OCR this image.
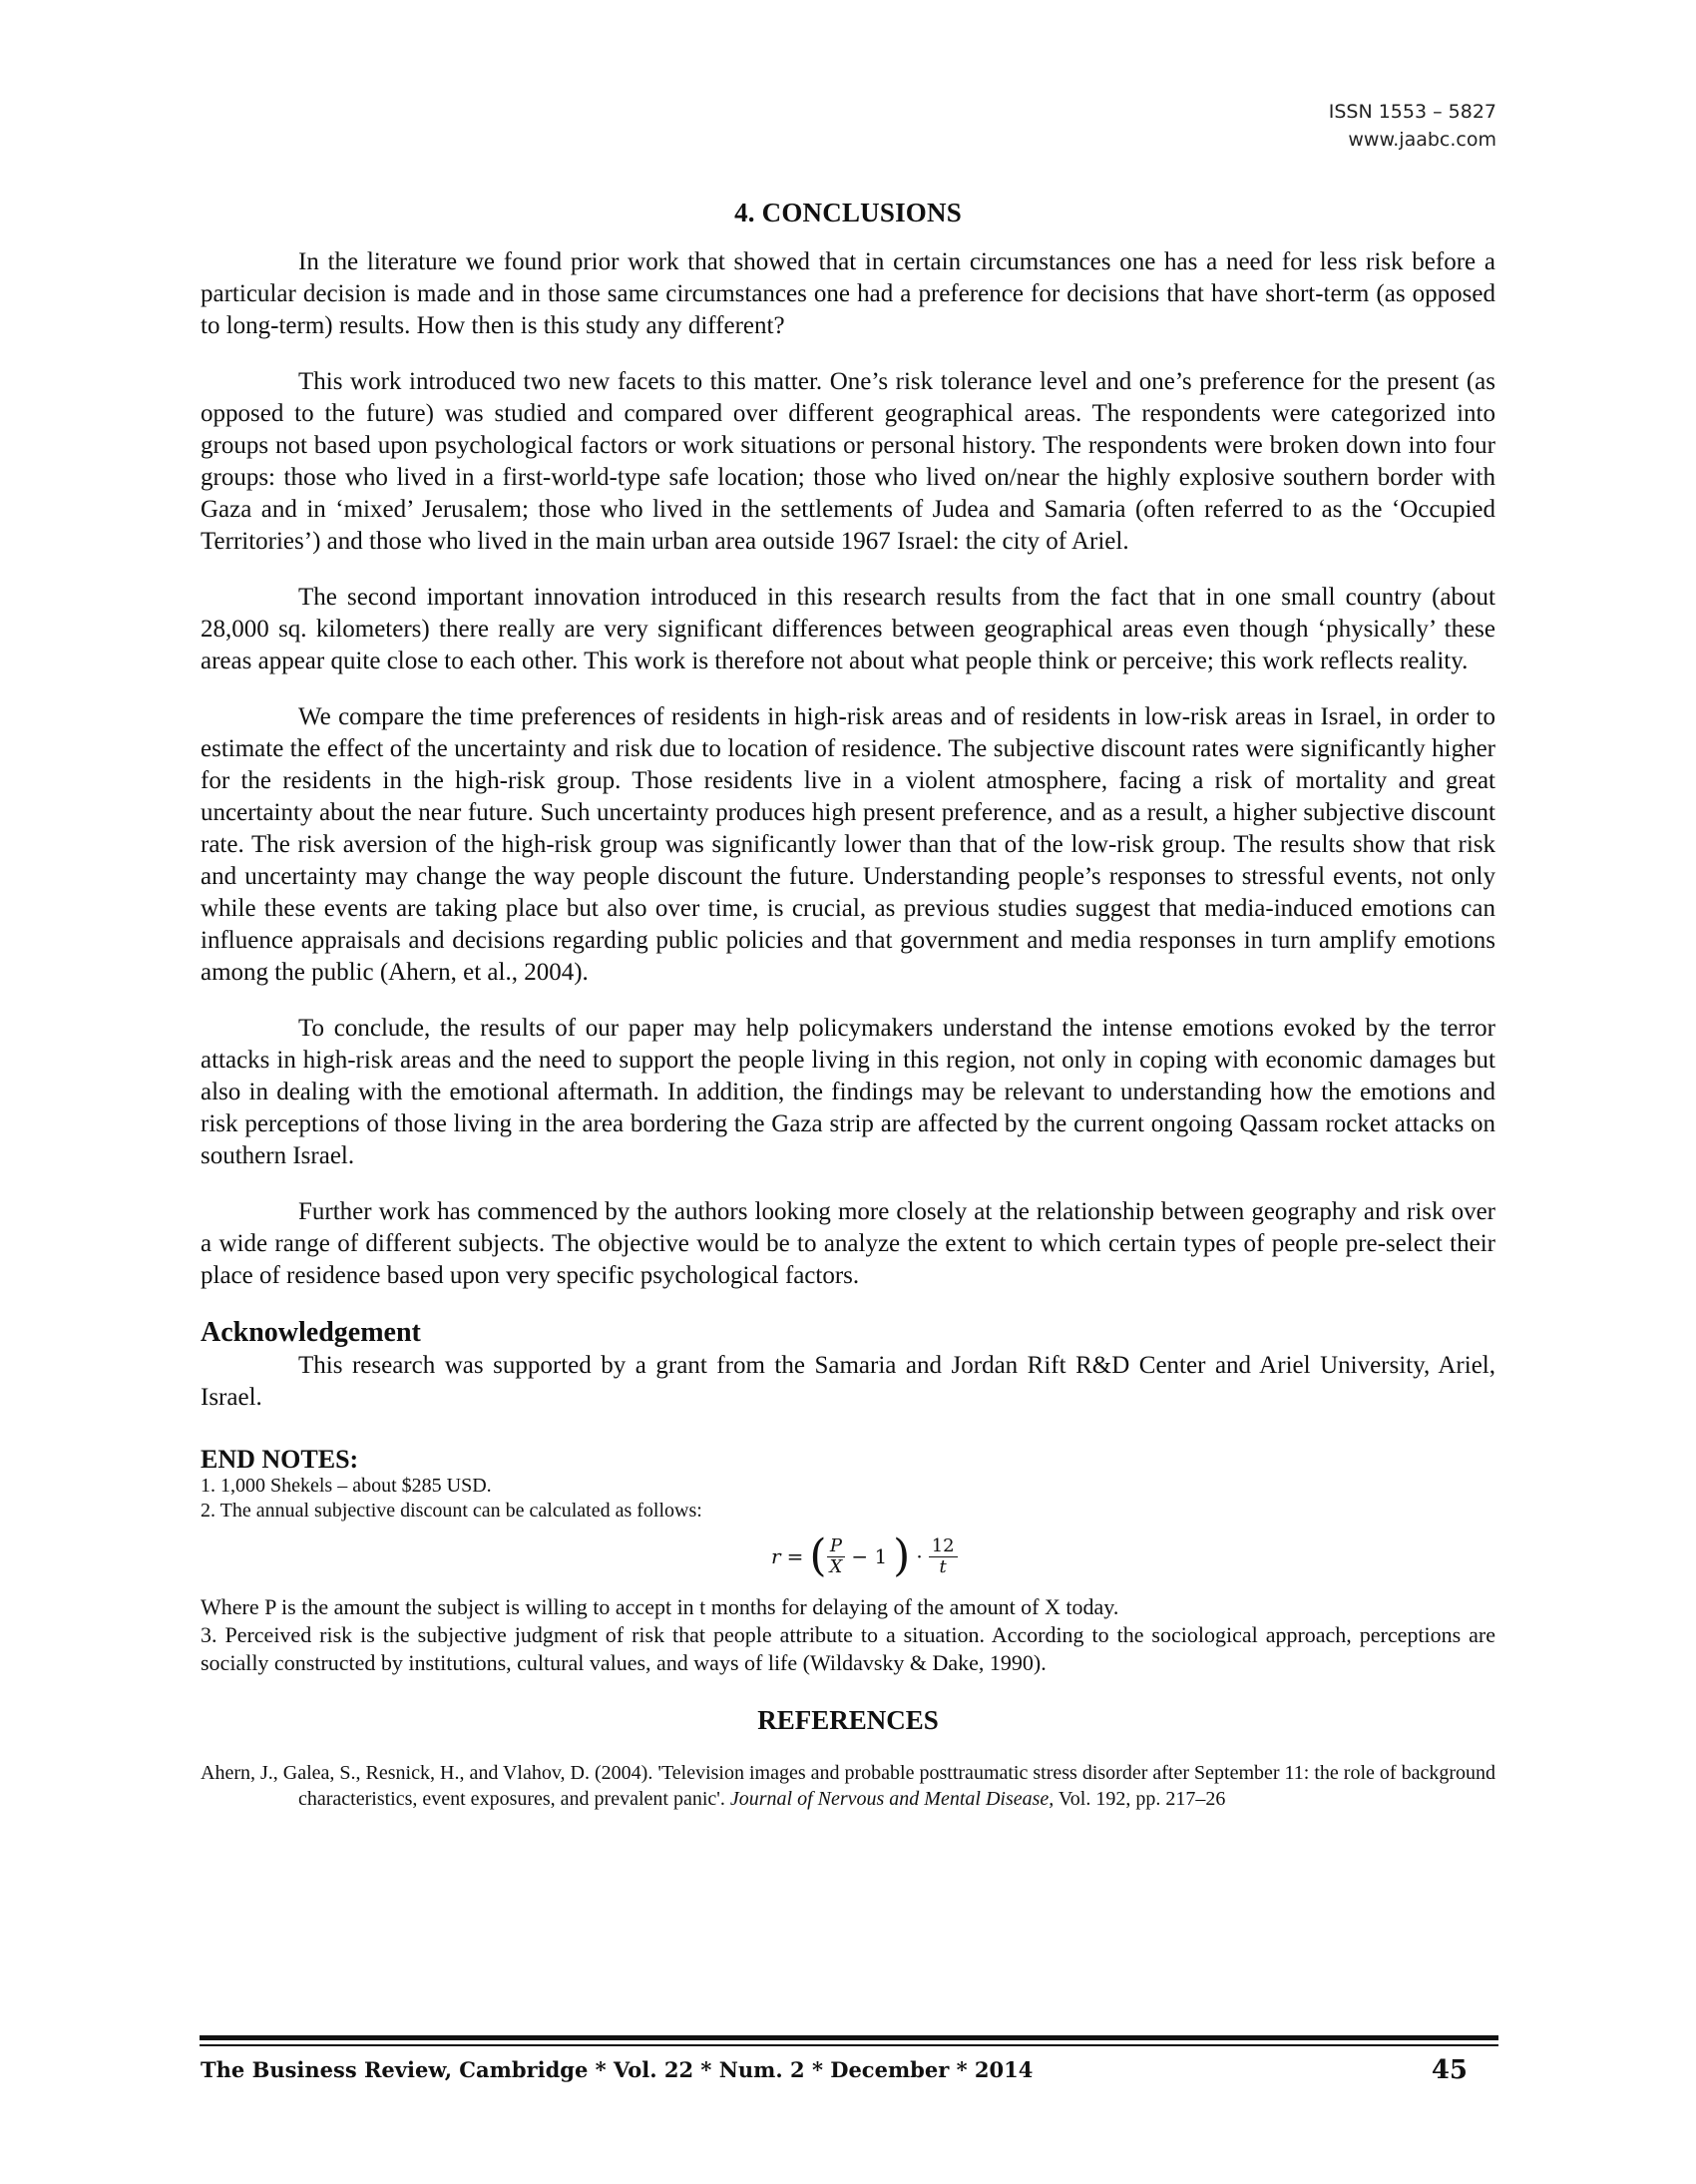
ISSN 1553 – 5827
www.jaabc.com
4. CONCLUSIONS

In the literature we found prior work that showed that in certain circumstances one has a need for less risk before a particular decision is made and in those same circumstances one had a preference for decisions that have short-term (as opposed to long-term) results. How then is this study any different?

This work introduced two new facets to this matter. One’s risk tolerance level and one’s preference for the present (as opposed to the future) was studied and compared over different geographical areas. The respondents were categorized into groups not based upon psychological factors or work situations or personal history. The respondents were broken down into four groups: those who lived in a first-world-type safe location; those who lived on/near the highly explosive southern border with Gaza and in ‘mixed’ Jerusalem; those who lived in the settlements of Judea and Samaria (often referred to as the ‘Occupied Territories’) and those who lived in the main urban area outside 1967 Israel: the city of Ariel.

The second important innovation introduced in this research results from the fact that in one small country (about 28,000 sq. kilometers) there really are very significant differences between geographical areas even though ‘physically’ these areas appear quite close to each other. This work is therefore not about what people think or perceive; this work reflects reality.

We compare the time preferences of residents in high-risk areas and of residents in low-risk areas in Israel, in order to estimate the effect of the uncertainty and risk due to location of residence. The subjective discount rates were significantly higher for the residents in the high-risk group. Those residents live in a violent atmosphere, facing a risk of mortality and great uncertainty about the near future. Such uncertainty produces high present preference, and as a result, a higher subjective discount rate. The risk aversion of the high-risk group was significantly lower than that of the low-risk group. The results show that risk and uncertainty may change the way people discount the future. Understanding people’s responses to stressful events, not only while these events are taking place but also over time, is crucial, as previous studies suggest that media-induced emotions can influence appraisals and decisions regarding public policies and that government and media responses in turn amplify emotions among the public (Ahern, et al., 2004).

To conclude, the results of our paper may help policymakers understand the intense emotions evoked by the terror attacks in high-risk areas and the need to support the people living in this region, not only in coping with economic damages but also in dealing with the emotional aftermath. In addition, the findings may be relevant to understanding how the emotions and risk perceptions of those living in the area bordering the Gaza strip are affected by the current ongoing Qassam rocket attacks on southern Israel.

Further work has commenced by the authors looking more closely at the relationship between geography and risk over a wide range of different subjects. The objective would be to analyze the extent to which certain types of people pre-select their place of residence based upon very specific psychological factors.

Acknowledgement

This research was supported by a grant from the Samaria and Jordan Rift R&D Center and Ariel University, Ariel, Israel.

END NOTES:

1. 1,000 Shekels – about $285 USD.

2. The annual subjective discount can be calculated as follows:

r = ( $\frac{P}{X} - 1$ ) · $\frac{12}{t}$

Where P is the amount the subject is willing to accept in t months for delaying of the amount of X today.

3. Perceived risk is the subjective judgment of risk that people attribute to a situation. According to the sociological approach, perceptions are socially constructed by institutions, cultural values, and ways of life (Wildavsky & Dake, 1990).

REFERENCES

Ahern, J., Galea, S., Resnick, H., and Vlahov, D. (2004). 'Television images and probable posttraumatic stress disorder after September 11: the role of background characteristics, event exposures, and prevalent panic'. Journal of Nervous and Mental Disease, Vol. 192, pp. 217–26

The Business Review, Cambridge * Vol. 22 * Num. 2 * December * 2014	45
